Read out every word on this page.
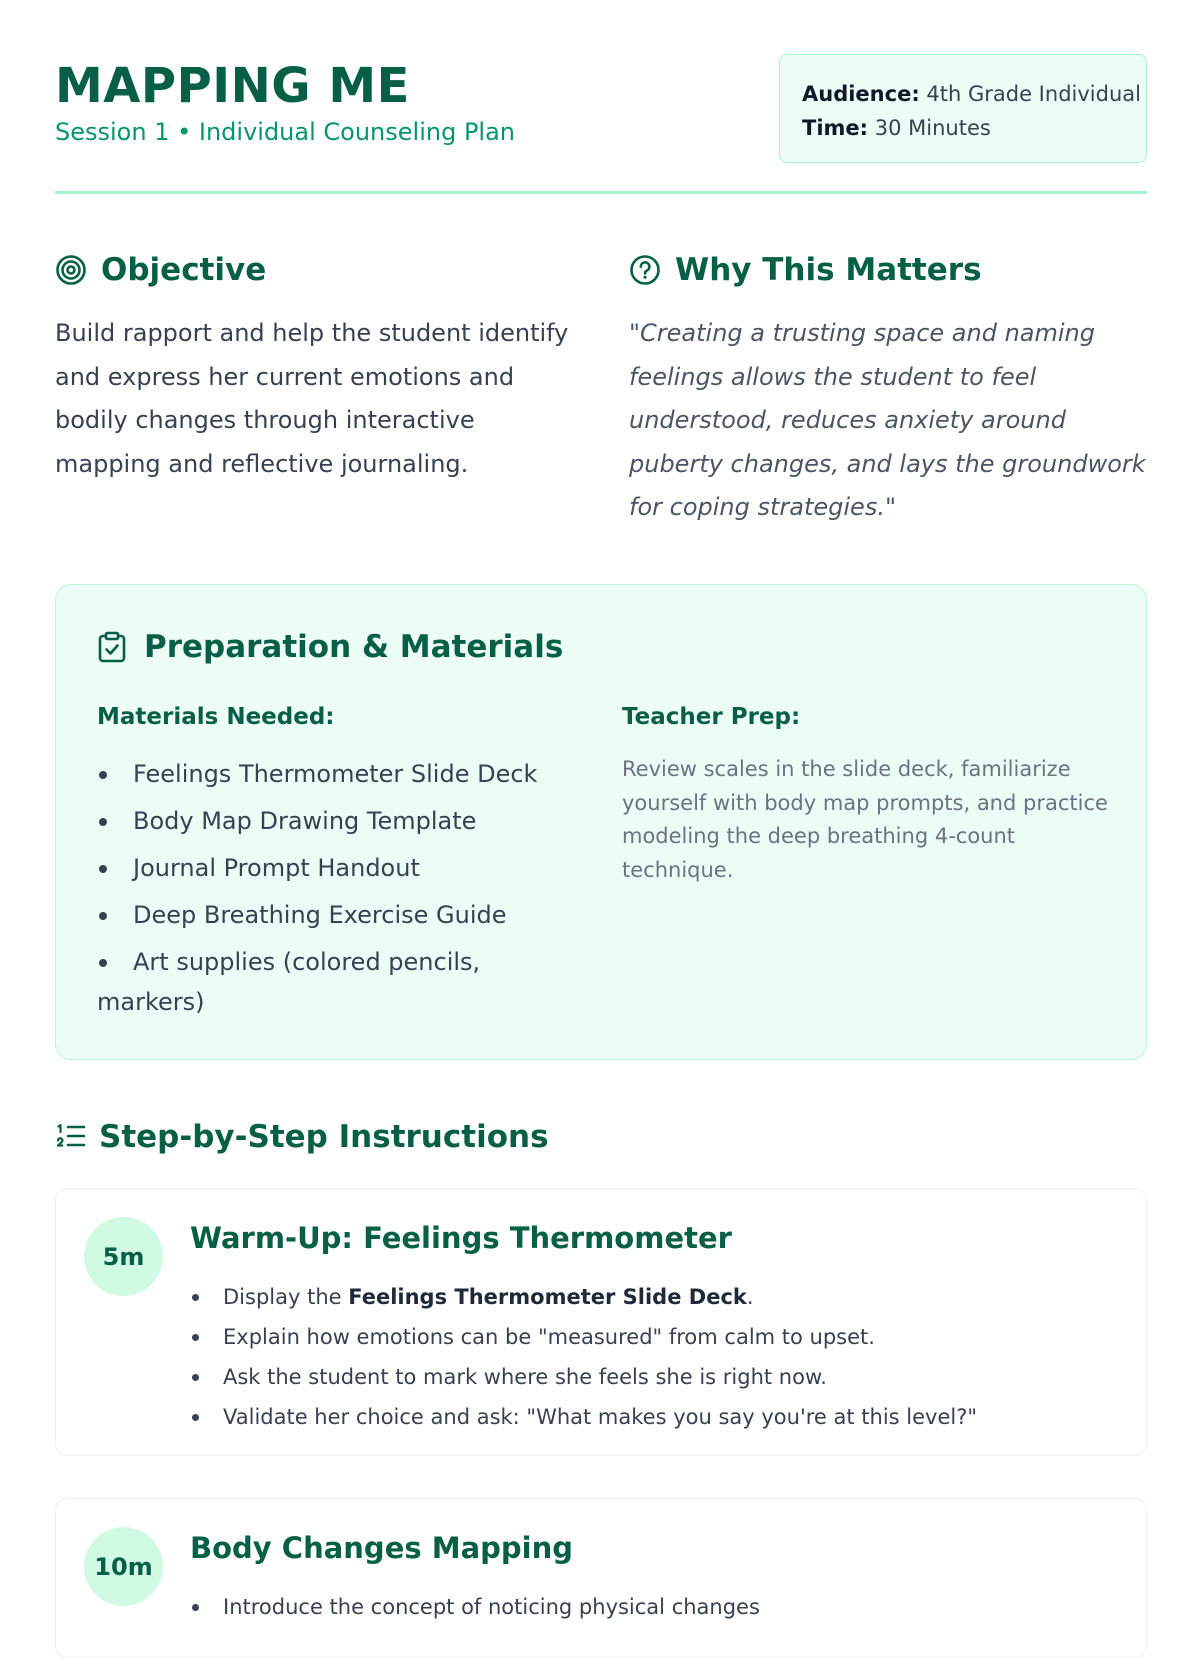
MAPPING ME
Session 1 • Individual Counseling Plan
Audience: 4th Grade Individual
Time: 30 Minutes
Objective

Build rapport and help the student identify and express her current emotions and bodily changes through interactive mapping and reflective journaling.

Why This Matters

"Creating a trusting space and naming feelings allows the student to feel understood, reduces anxiety around puberty changes, and lays the groundwork for coping strategies."

Preparation & Materials
Materials Needed:
Feelings Thermometer Slide Deck
Body Map Drawing Template
Journal Prompt Handout
Deep Breathing Exercise Guide
Art supplies (colored pencils, markers)
Teacher Prep:

Review scales in the slide deck, familiarize yourself with body map prompts, and practice modeling the deep breathing 4-count technique.

Step-by-Step Instructions
5m
Warm-Up: Feelings Thermometer
Display the Feelings Thermometer Slide Deck.
Explain how emotions can be "measured" from calm to upset.
Ask the student to mark where she feels she is right now.
Validate her choice and ask: "What makes you say you're at this level?"
10m
Body Changes Mapping
Introduce the concept of noticing physical changes
